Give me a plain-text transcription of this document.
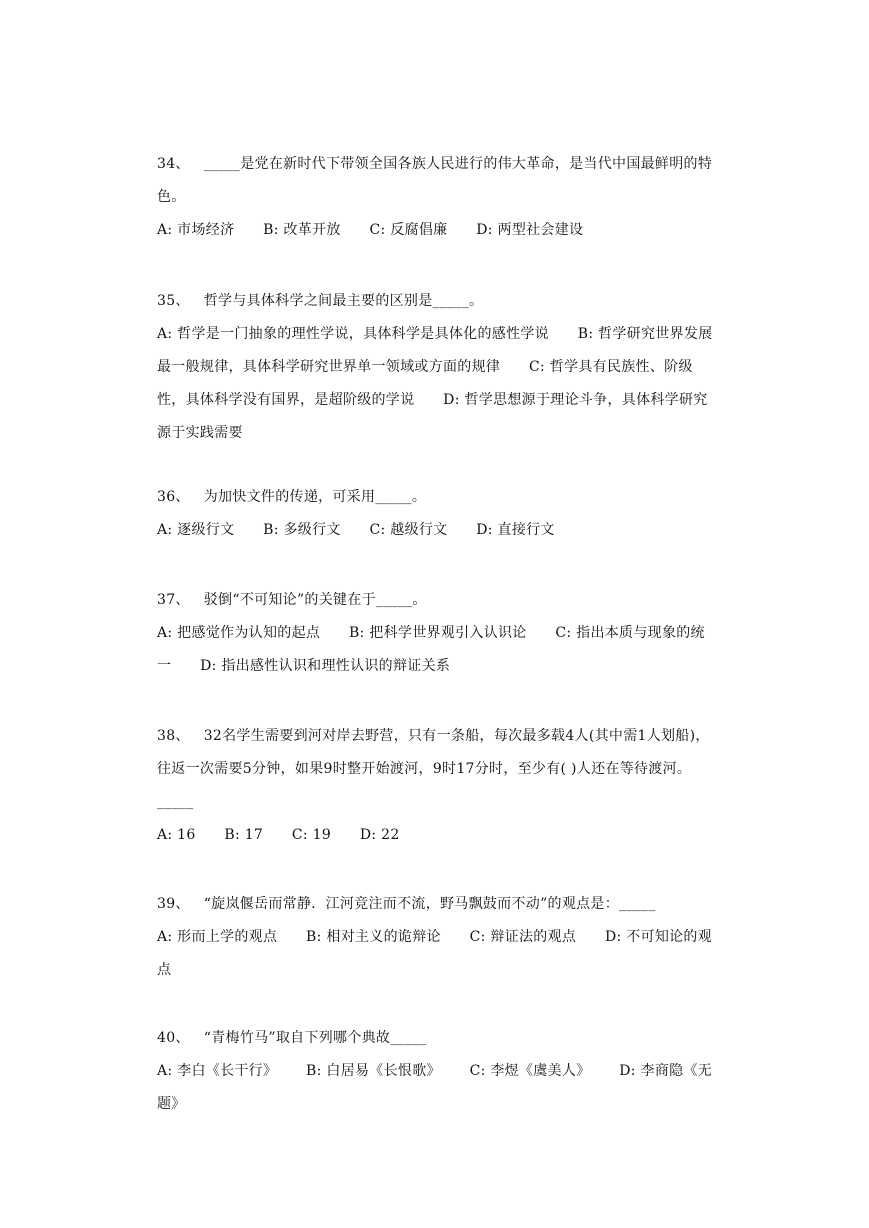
34、 _____是党在新时代下带领全国各族人民进行的伟大革命，是当代中国最鲜明的特色。

A: 市场经济 B: 改革开放 C: 反腐倡廉 D: 两型社会建设

35、 哲学与具体科学之间最主要的区别是_____。

A: 哲学是一门抽象的理性学说，具体科学是具体化的感性学说 B: 哲学研究世界发展最一般规律，具体科学研究世界单一领域或方面的规律 C: 哲学具有民族性、阶级性，具体科学没有国界，是超阶级的学说 D: 哲学思想源于理论斗争，具体科学研究源于实践需要

36、 为加快文件的传递，可采用_____。

A: 逐级行文 B: 多级行文 C: 越级行文 D: 直接行文

37、 驳倒“不可知论”的关键在于_____。

A: 把感觉作为认知的起点 B: 把科学世界观引入认识论 C: 指出本质与现象的统一 D: 指出感性认识和理性认识的辩证关系

38、 32名学生需要到河对岸去野营，只有一条船，每次最多载4人(其中需1人划船)，往返一次需要5分钟，如果9时整开始渡河，9时17分时，至少有( )人还在等待渡河。_____

A: 16 B: 17 C: 19 D: 22

39、 “旋岚偃岳而常静．江河竞注而不流，野马飘鼓而不动”的观点是：_____

A: 形而上学的观点 B: 相对主义的诡辩论 C: 辩证法的观点 D: 不可知论的观点

40、 “青梅竹马”取自下列哪个典故_____

A: 李白《长干行》 B: 白居易《长恨歌》 C: 李煜《虞美人》 D: 李商隐《无题》
